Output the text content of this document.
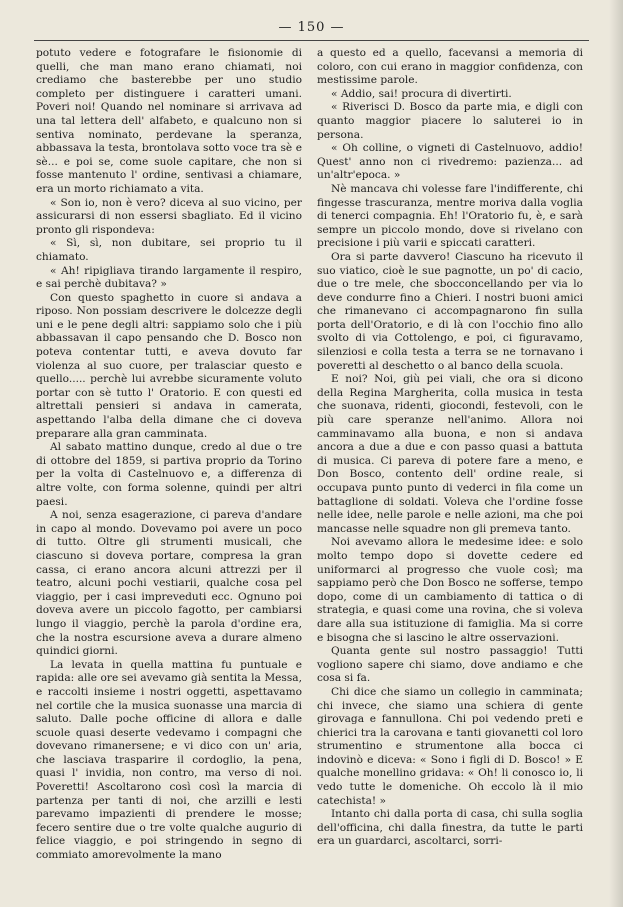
— 150 —

potuto vedere e fotografare le fisionomie di quelli, che man mano erano chiamati, noi crediamo che basterebbe per uno studio completo per distinguere i caratteri umani. Poveri noi! Quando nel nominare si arrivava ad una tal lettera dell' alfabeto, e qualcuno non si sentiva nominato, perdevane la speranza, abbassava la testa, brontolava sotto voce tra sè e sè... e poi se, come suole capitare, che non si fosse mantenuto l' ordine, sentivasi a chiamare, era un morto richiamato a vita.

« Son io, non è vero? diceva al suo vicino, per assicurarsi di non essersi sbagliato. Ed il vicino pronto gli rispondeva:

« Sì, sì, non dubitare, sei proprio tu il chiamato.

« Ah! ripigliava tirando largamente il respiro, e sai perchè dubitava? »

Con questo spaghetto in cuore si andava a riposo. Non possiam descrivere le dolcezze degli uni e le pene degli altri: sappiamo solo che i più abbassavan il capo pensando che D. Bosco non poteva contentar tutti, e aveva dovuto far violenza al suo cuore, per tralasciar questo e quello..... perchè lui avrebbe sicuramente voluto portar con sè tutto l' Oratorio. E con questi ed altrettali pensieri si andava in camerata, aspettando l'alba della dimane che ci doveva preparare alla gran camminata.

Al sabato mattino dunque, credo al due o tre di ottobre del 1859, si partiva proprio da Torino per la volta di Castelnuovo e, a differenza di altre volte, con forma solenne, quindi per altri paesi.

A noi, senza esagerazione, ci pareva d'andare in capo al mondo. Dovevamo poi avere un poco di tutto. Oltre gli strumenti musicali, che ciascuno si doveva portare, compresa la gran cassa, ci erano ancora alcuni attrezzi per il teatro, alcuni pochi vestiarii, qualche cosa pel viaggio, per i casi impreveduti ecc. Ognuno poi doveva avere un piccolo fagotto, per cambiarsi lungo il viaggio, perchè la parola d'ordine era, che la nostra escursione aveva a durare almeno quindici giorni.

La levata in quella mattina fu puntuale e rapida: alle ore sei avevamo già sentita la Messa, e raccolti insieme i nostri oggetti, aspettavamo nel cortile che la musica suonasse una marcia di saluto. Dalle poche officine di allora e dalle scuole quasi deserte vedevamo i compagni che dovevano rimanersene; e vi dico con un' aria, che lasciava trasparire il cordoglio, la pena, quasi l' invidia, non contro, ma verso di noi. Poveretti! Ascoltarono così così la marcia di partenza per tanti di noi, che arzilli e lesti parevamo impazienti di prendere le mosse; fecero sentire due o tre volte qualche augurio di felice viaggio, e poi stringendo in segno di commiato amorevolmente la mano

a questo ed a quello, facevansi a memoria di coloro, con cui erano in maggior confidenza, con mestissime parole.

« Addio, sai! procura di divertirti.

« Riverisci D. Bosco da parte mia, e digli con quanto maggior piacere lo saluterei io in persona.

« Oh colline, o vigneti di Castelnuovo, addio! Quest' anno non ci rivedremo: pazienza... ad un'altr'epoca. »

Nè mancava chi volesse fare l'indifferente, chi fingesse trascuranza, mentre moriva dalla voglia di tenerci compagnia. Eh! l'Oratorio fu, è, e sarà sempre un piccolo mondo, dove si rivelano con precisione i più varii e spiccati caratteri.

Ora si parte davvero! Ciascuno ha ricevuto il suo viatico, cioè le sue pagnotte, un po' di cacio, due o tre mele, che sbocconcellando per via lo deve condurre fino a Chieri. I nostri buoni amici che rimanevano ci accompagnarono fin sulla porta dell'Oratorio, e di là con l'occhio fino allo svolto di via Cottolengo, e poi, ci figuravamo, silenziosi e colla testa a terra se ne tornavano i poveretti al deschetto o al banco della scuola.

E noi? Noi, giù pei viali, che ora si dicono della Regina Margherita, colla musica in testa che suonava, ridenti, giocondi, festevoli, con le più care speranze nell'animo. Allora noi camminavamo alla buona, e non si andava ancora a due a due e con passo quasi a battuta di musica. Ci pareva di potere fare a meno, e Don Bosco, contento dell' ordine reale, si occupava punto punto di vederci in fila come un battaglione di soldati. Voleva che l'ordine fosse nelle idee, nelle parole e nelle azioni, ma che poi mancasse nelle squadre non gli premeva tanto.

Noi avevamo allora le medesime idee: e solo molto tempo dopo si dovette cedere ed uniformarci al progresso che vuole così; ma sappiamo però che Don Bosco ne sofferse, tempo dopo, come di un cambiamento di tattica o di strategia, e quasi come una rovina, che si voleva dare alla sua istituzione di famiglia. Ma si corre e bisogna che si lascino le altre osservazioni.

Quanta gente sul nostro passaggio! Tutti vogliono sapere chi siamo, dove andiamo e che cosa si fa.

Chi dice che siamo un collegio in camminata; chi invece, che siamo una schiera di gente girovaga e fannullona. Chi poi vedendo preti e chierici tra la carovana e tanti giovanetti col loro strumentino e strumentone alla bocca ci indovinò e diceva: « Sono i figli di D. Bosco! » E qualche monellino gridava: « Oh! li conosco io, li vedo tutte le domeniche. Oh eccolo là il mio catechista! »

Intanto chi dalla porta di casa, chi sulla soglia dell'officina, chi dalla finestra, da tutte le parti era un guardarci, ascoltarci, sorri-
